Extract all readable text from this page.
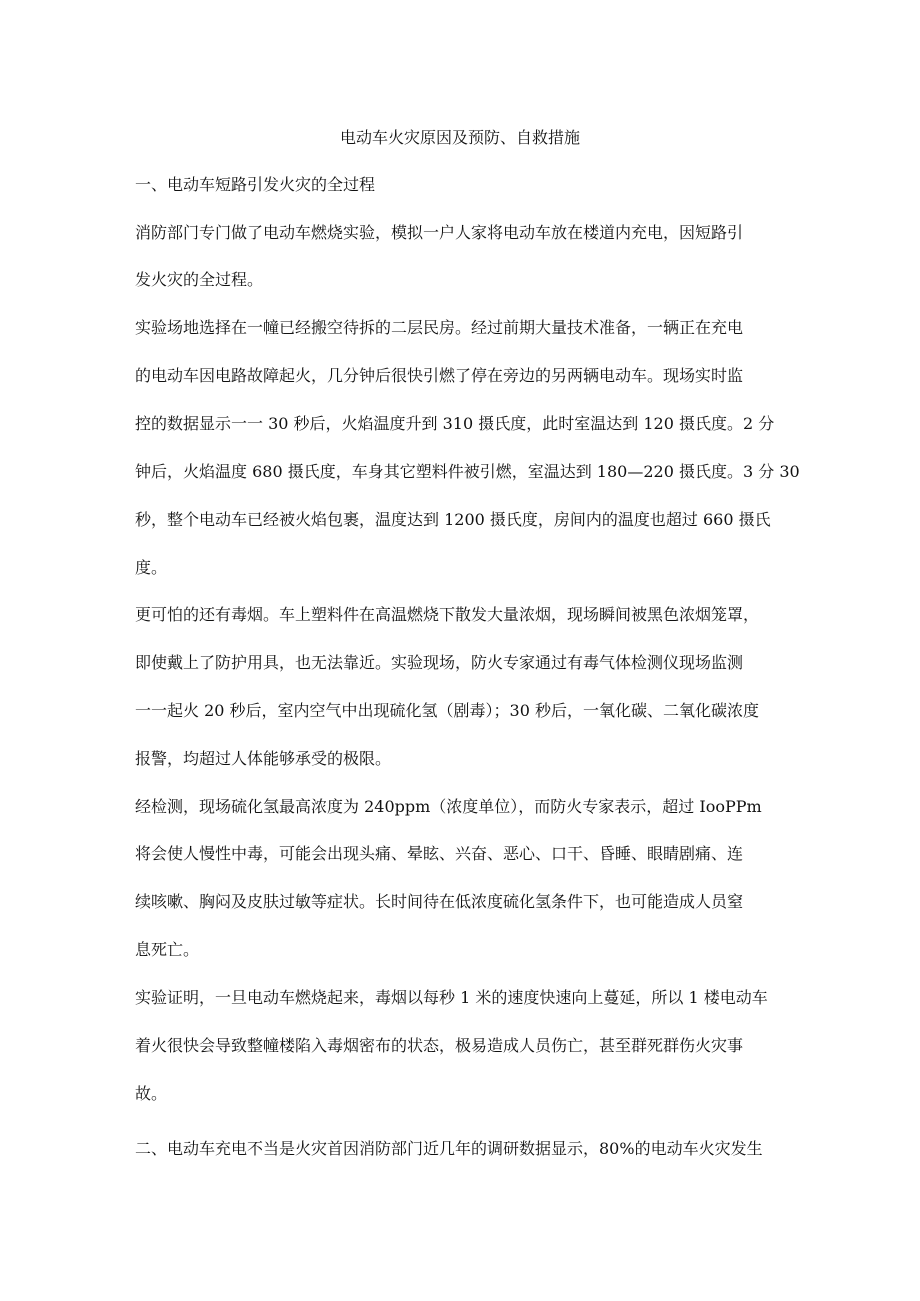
电动车火灾原因及预防、自救措施
一、电动车短路引发火灾的全过程
消防部门专门做了电动车燃烧实验，模拟一户人家将电动车放在楼道内充电，因短路引
发火灾的全过程。
实验场地选择在一幢已经搬空待拆的二层民房。经过前期大量技术准备，一辆正在充电
的电动车因电路故障起火，几分钟后很快引燃了停在旁边的另两辆电动车。现场实时监
控的数据显示一一 30 秒后，火焰温度升到 310 摄氏度，此时室温达到 120 摄氏度。2 分
钟后，火焰温度 680 摄氏度，车身其它塑料件被引燃，室温达到 180—220 摄氏度。3 分 30
秒，整个电动车已经被火焰包裹，温度达到 1200 摄氏度，房间内的温度也超过 660 摄氏
度。
更可怕的还有毒烟。车上塑料件在高温燃烧下散发大量浓烟，现场瞬间被黑色浓烟笼罩，
即使戴上了防护用具，也无法靠近。实验现场，防火专家通过有毒气体检测仪现场监测
一一起火 20 秒后，室内空气中出现硫化氢（剧毒）；30 秒后，一氧化碳、二氧化碳浓度
报警，均超过人体能够承受的极限。
经检测，现场硫化氢最高浓度为 240ppm（浓度单位），而防火专家表示，超过 IooPPm
将会使人慢性中毒，可能会出现头痛、晕眩、兴奋、恶心、口干、昏睡、眼睛剧痛、连
续咳嗽、胸闷及皮肤过敏等症状。长时间待在低浓度硫化氢条件下，也可能造成人员窒
息死亡。
实验证明，一旦电动车燃烧起来，毒烟以每秒 1 米的速度快速向上蔓延，所以 1 楼电动车
着火很快会导致整幢楼陷入毒烟密布的状态，极易造成人员伤亡，甚至群死群伤火灾事
故。
二、电动车充电不当是火灾首因消防部门近几年的调研数据显示，80%的电动车火灾发生
